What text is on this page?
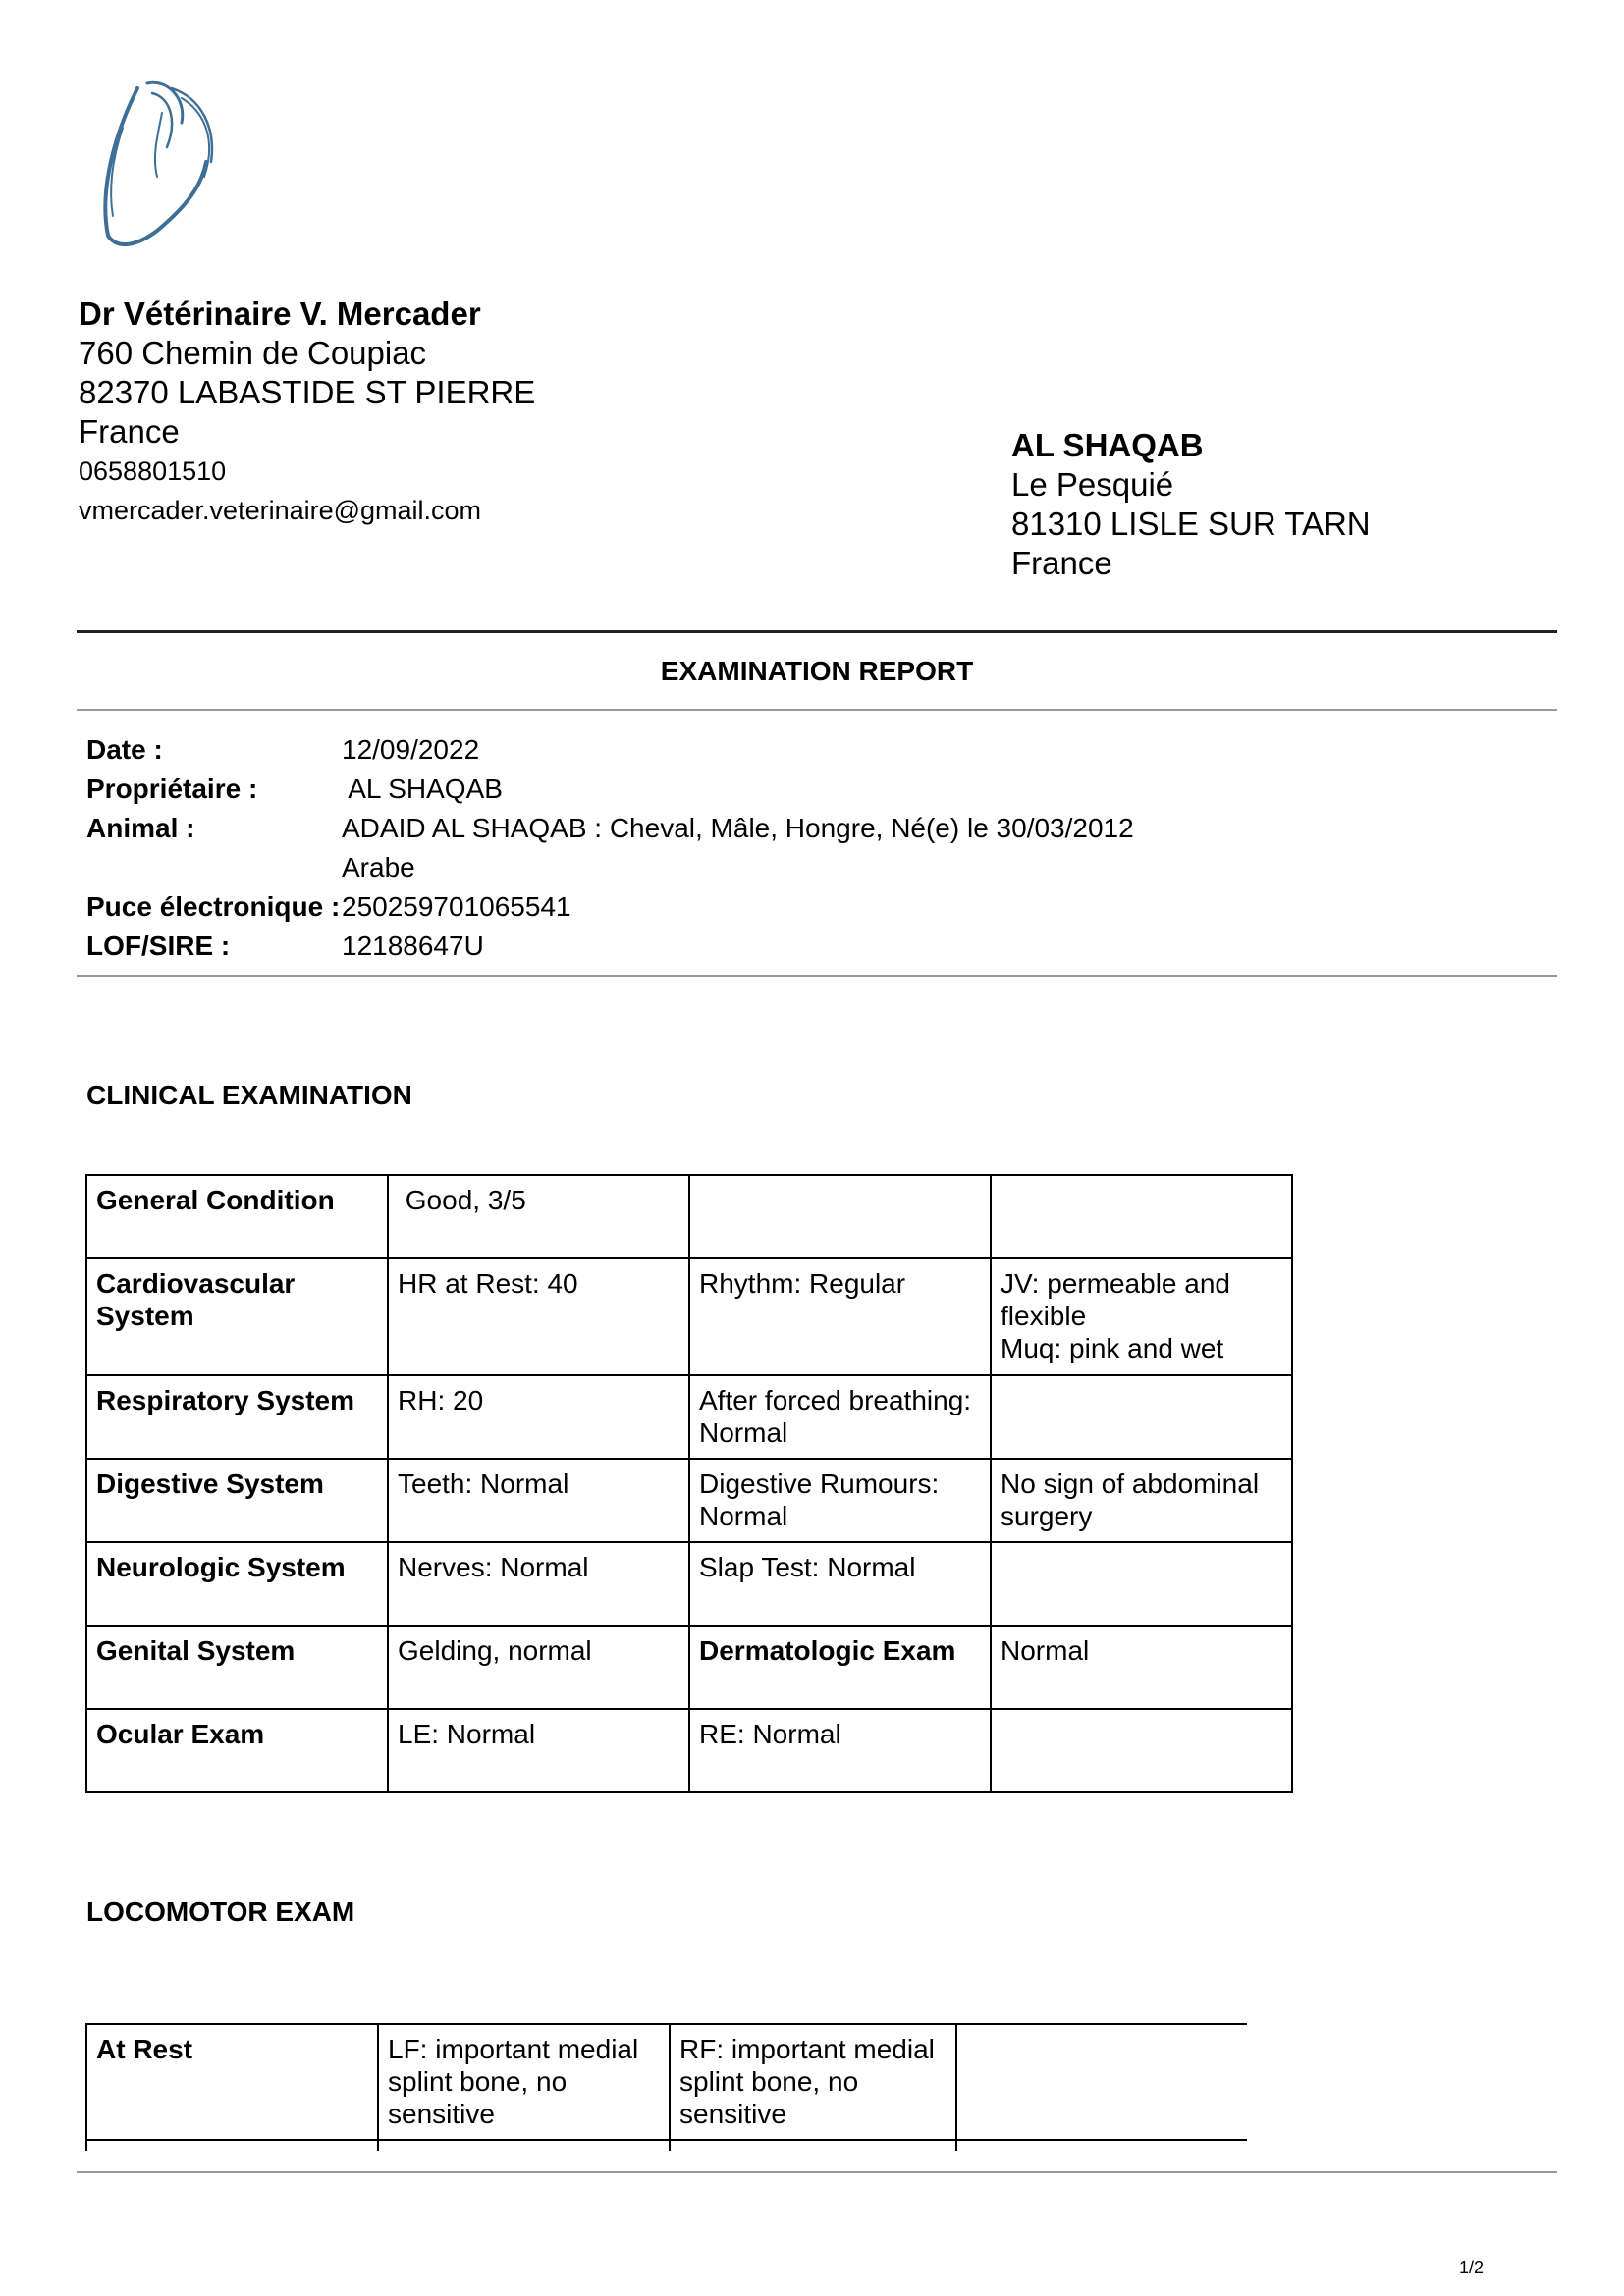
Dr Vétérinaire V. Mercader
760 Chemin de Coupiac
82370 LABASTIDE ST PIERRE
France
0658801510
vmercader.veterinaire@gmail.com
AL SHAQAB
Le Pesquié
81310 LISLE SUR TARN
France
EXAMINATION REPORT
Date :	12/09/2022
Propriétaire :	AL SHAQAB
Animal :	ADAID AL SHAQAB : Cheval, Mâle, Hongre, Né(e) le 30/03/2012
Arabe
Puce électronique : 250259701065541
LOF/SIRE :	12188647U
CLINICAL EXAMINATION
General Condition	Good, 3/5		
Cardiovascular System	HR at Rest: 40	Rhythm: Regular	JV: permeable and flexible
Muq: pink and wet
Respiratory System	RH: 20	After forced breathing: Normal	
Digestive System	Teeth: Normal	Digestive Rumours: Normal	No sign of abdominal surgery
Neurologic System	Nerves: Normal	Slap Test: Normal	
Genital System	Gelding, normal	Dermatologic Exam	Normal
Ocular Exam	LE: Normal	RE: Normal	
LOCOMOTOR EXAM
At Rest	LF: important medial splint bone, no sensitive	RF: important medial splint bone, no sensitive	

1/2
